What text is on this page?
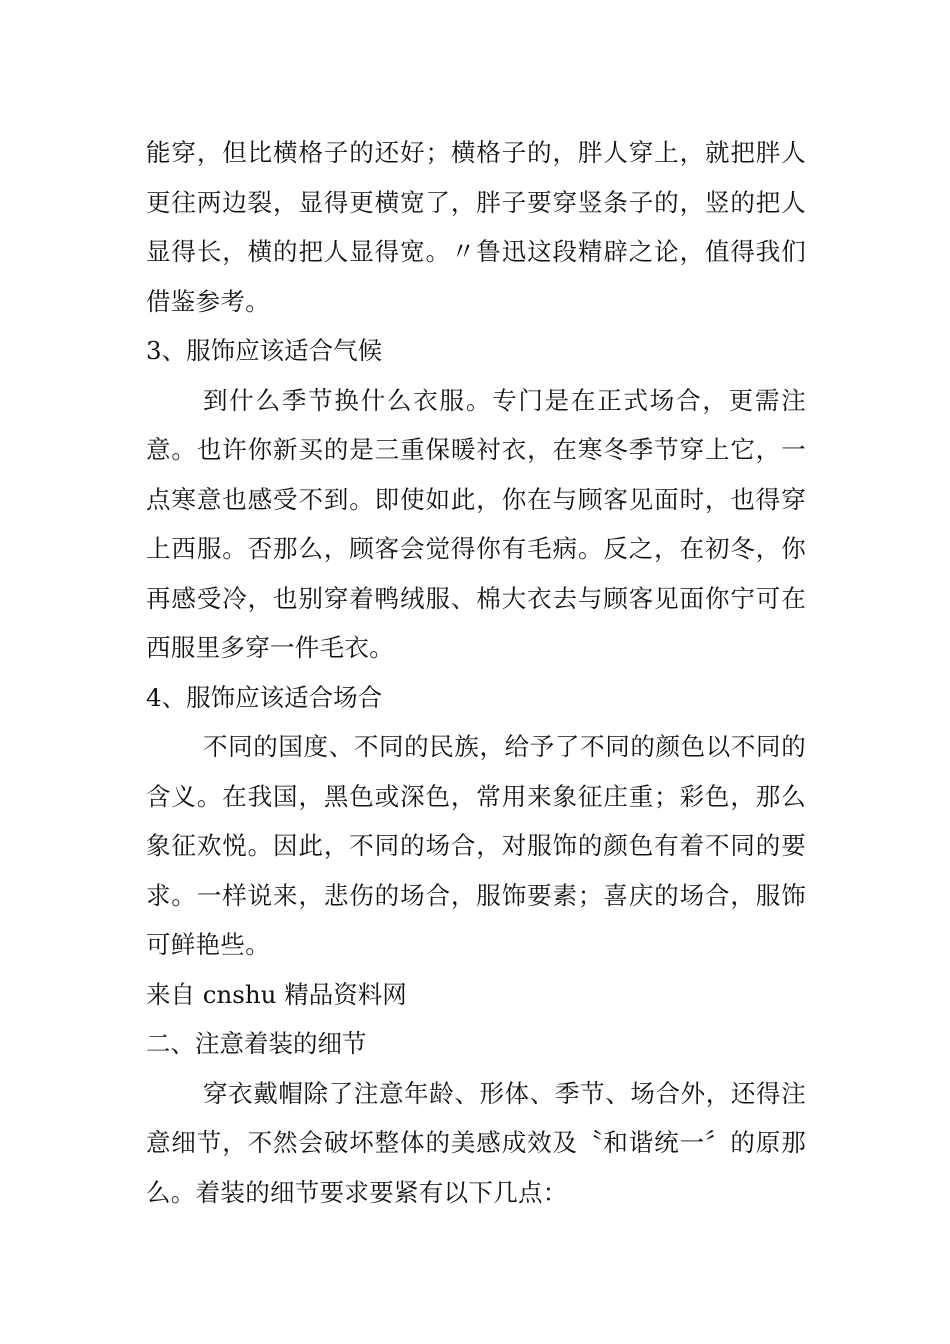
能穿，但比横格子的还好；横格子的，胖人穿上，就把胖人更往两边裂，显得更横宽了，胖子要穿竖条子的，竖的把人显得长，横的把人显得宽。〃鲁迅这段精辟之论，值得我们借鉴参考。

3、服饰应该适合气候

到什么季节换什么衣服。专门是在正式场合，更需注意。也许你新买的是三重保暖衬衣，在寒冬季节穿上它，一点寒意也感受不到。即使如此，你在与顾客见面时，也得穿上西服。否那么，顾客会觉得你有毛病。反之，在初冬，你再感受冷，也别穿着鸭绒服、棉大衣去与顾客见面你宁可在西服里多穿一件毛衣。

4、服饰应该适合场合

不同的国度、不同的民族，给予了不同的颜色以不同的含义。在我国，黑色或深色，常用来象征庄重；彩色，那么象征欢悦。因此，不同的场合，对服饰的颜色有着不同的要求。一样说来，悲伤的场合，服饰要素；喜庆的场合，服饰可鲜艳些。

来自 cnshu 精品资料网

二、注意着装的细节

穿衣戴帽除了注意年龄、形体、季节、场合外，还得注意细节，不然会破坏整体的美感成效及〝和谐统一〞的原那么。着装的细节要求要紧有以下几点：
